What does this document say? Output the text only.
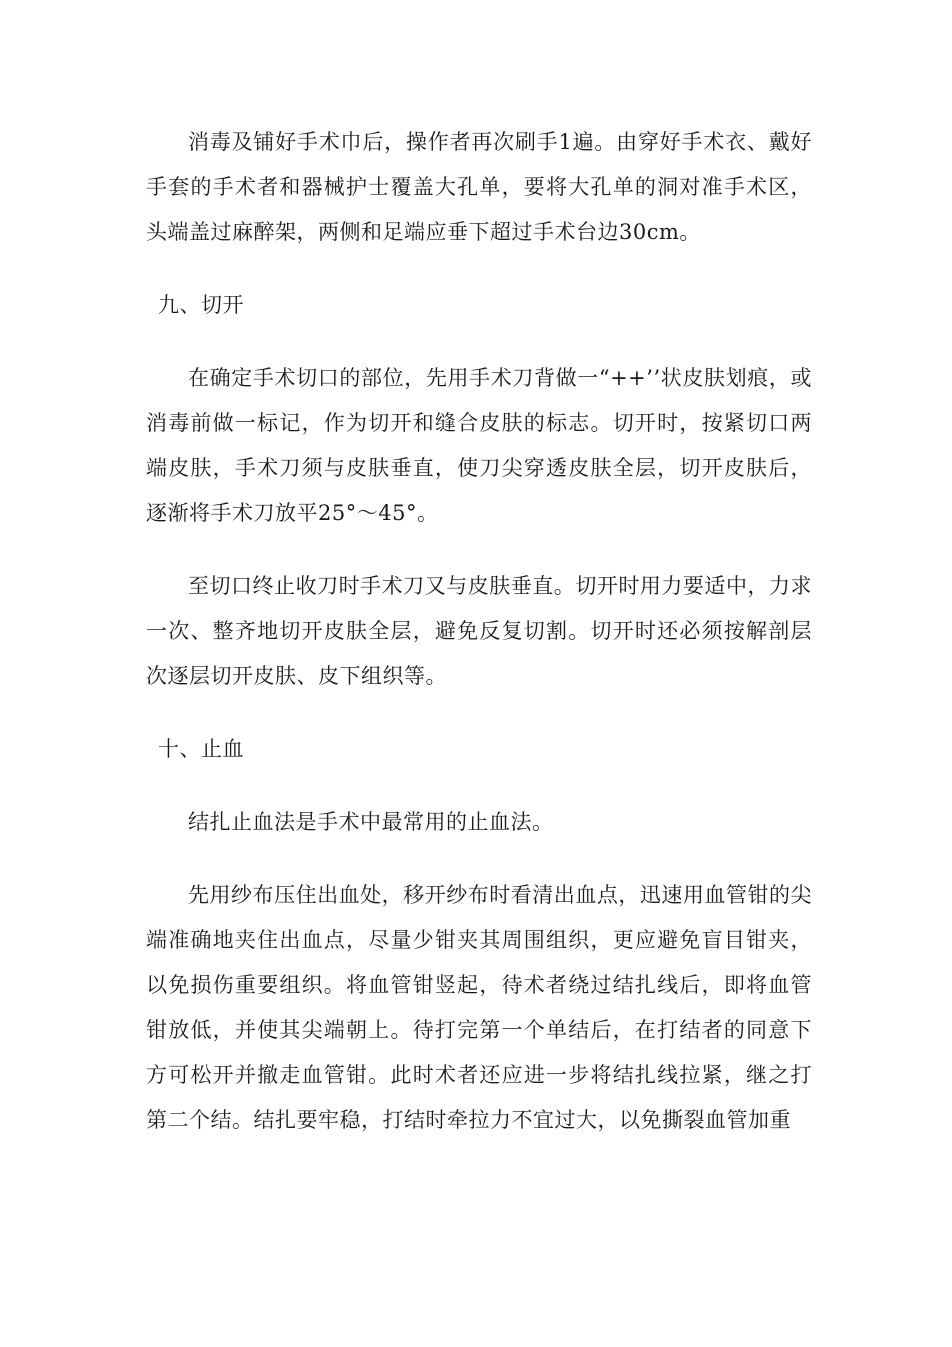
消毒及铺好手术巾后，操作者再次刷手1遍。由穿好手术衣、戴好手套的手术者和器械护士覆盖大孔单，要将大孔单的洞对准手术区，头端盖过麻醉架，两侧和足端应垂下超过手术台边30cm。

九、切开

在确定手术切口的部位，先用手术刀背做一“++’’状皮肤划痕，或消毒前做一标记，作为切开和缝合皮肤的标志。切开时，按紧切口两端皮肤，手术刀须与皮肤垂直，使刀尖穿透皮肤全层，切开皮肤后，逐渐将手术刀放平25°～45°。

至切口终止收刀时手术刀又与皮肤垂直。切开时用力要适中，力求一次、整齐地切开皮肤全层，避免反复切割。切开时还必须按解剖层次逐层切开皮肤、皮下组织等。

十、止血

结扎止血法是手术中最常用的止血法。

先用纱布压住出血处，移开纱布时看清出血点，迅速用血管钳的尖端准确地夹住出血点，尽量少钳夹其周围组织，更应避免盲目钳夹，以免损伤重要组织。将血管钳竖起，待术者绕过结扎线后，即将血管钳放低，并使其尖端朝上。待打完第一个单结后，在打结者的同意下方可松开并撤走血管钳。此时术者还应进一步将结扎线拉紧，继之打第二个结。结扎要牢稳，打结时牵拉力不宜过大，以免撕裂血管加重
